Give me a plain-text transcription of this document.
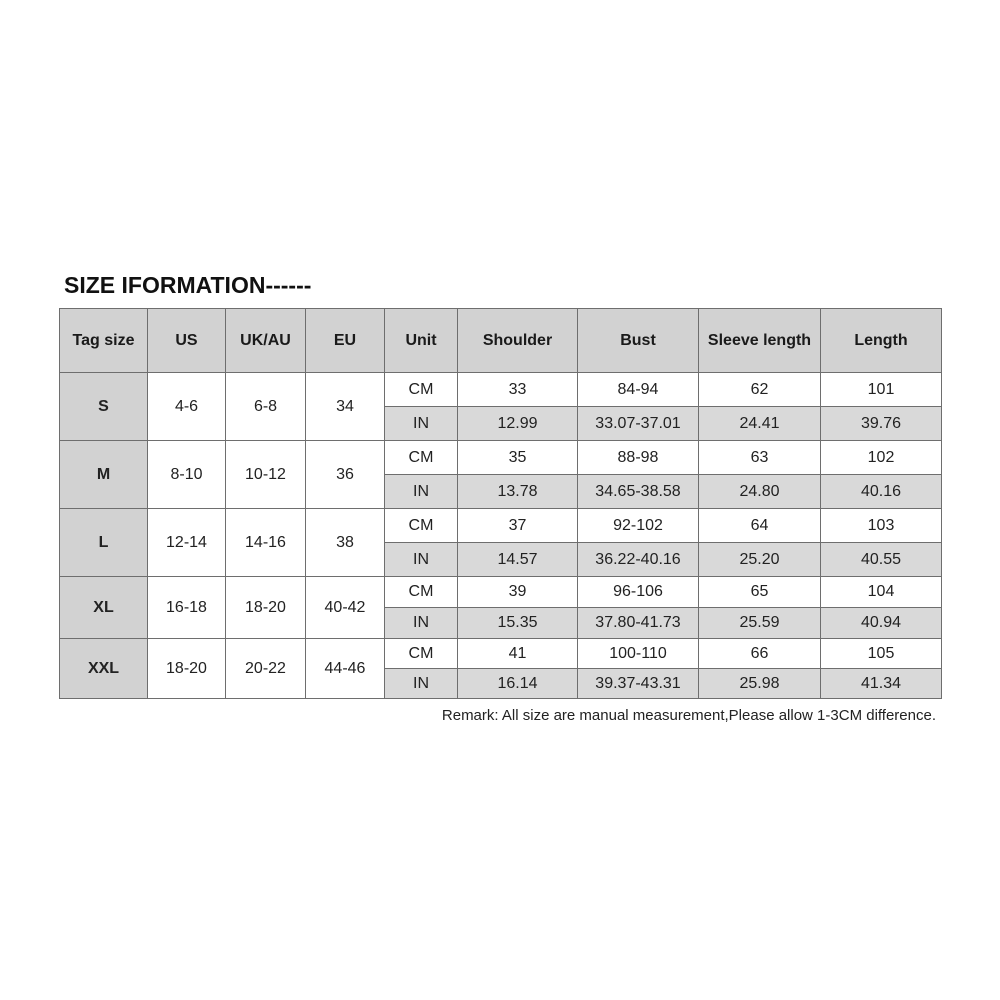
SIZE IFORMATION------
Tag size	US	UK/AU	EU	Unit	Shoulder	Bust	Sleeve length	Length
S	4-6	6-8	34	CM	33	84-94	62	101
				IN	12.99	33.07-37.01	24.41	39.76
M	8-10	10-12	36	CM	35	88-98	63	102
				IN	13.78	34.65-38.58	24.80	40.16
L	12-14	14-16	38	CM	37	92-102	64	103
				IN	14.57	36.22-40.16	25.20	40.55
XL	16-18	18-20	40-42	CM	39	96-106	65	104
				IN	15.35	37.80-41.73	25.59	40.94
XXL	18-20	20-22	44-46	CM	41	100-110	66	105
				IN	16.14	39.37-43.31	25.98	41.34
Remark: All size are manual measurement,Please allow 1-3CM difference.
